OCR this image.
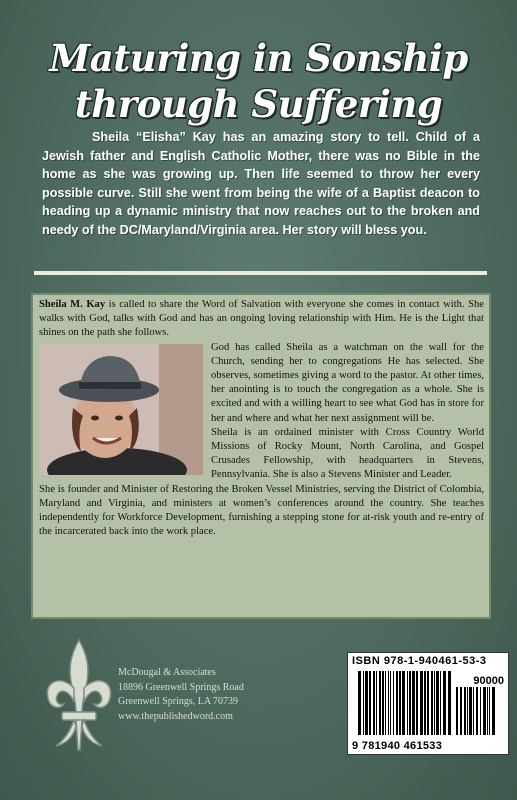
Maturing in Sonship
through Suffering
Sheila “Elisha” Kay has an amazing story to tell. Child of a Jewish father and English Catholic Mother, there was no Bible in the home as she was growing up. Then life seemed to throw her every possible curve. Still she went from being the wife of a Baptist deacon to heading up a dynamic ministry that now reaches out to the broken and needy of the DC/Maryland/Virginia area. Her story will bless you.

Sheila M. Kay is called to share the Word of Salvation with everyone she comes in contact with. She walks with God, talks with God and has an ongoing loving relationship with Him. He is the Light that shines on the path she follows.

God has called Sheila as a watchman on the wall for the Church, sending her to congregations He has selected. She observes, sometimes giving a word to the pastor. At other times, her anointing is to touch the congregation as a whole. She is excited and with a willing heart to see what God has in store for her and where and what her next assignment will be.

Sheila is an ordained minister with Cross Country World Missions of Rocky Mount, North Carolina, and Gospel Crusades Fellowship, with headquarters in Stevens, Pennsylvania. She is also a Stevens Minister and Leader.

She is founder and Minister of Restoring the Broken Vessel Ministries, serving the District of Colombia, Maryland and Virginia, and ministers at women’s conferences around the country. She teaches independently for Workforce Development, furnishing a stepping stone for at-risk youth and re-entry of the incarcerated back into the work place.

McDougal & Associates
18896 Greenwell Springs Road
Greenwell Springs, LA 70739
www.thepublishedword.com
ISBN 978-1-940461-53-3
90000
9 781940 461533
